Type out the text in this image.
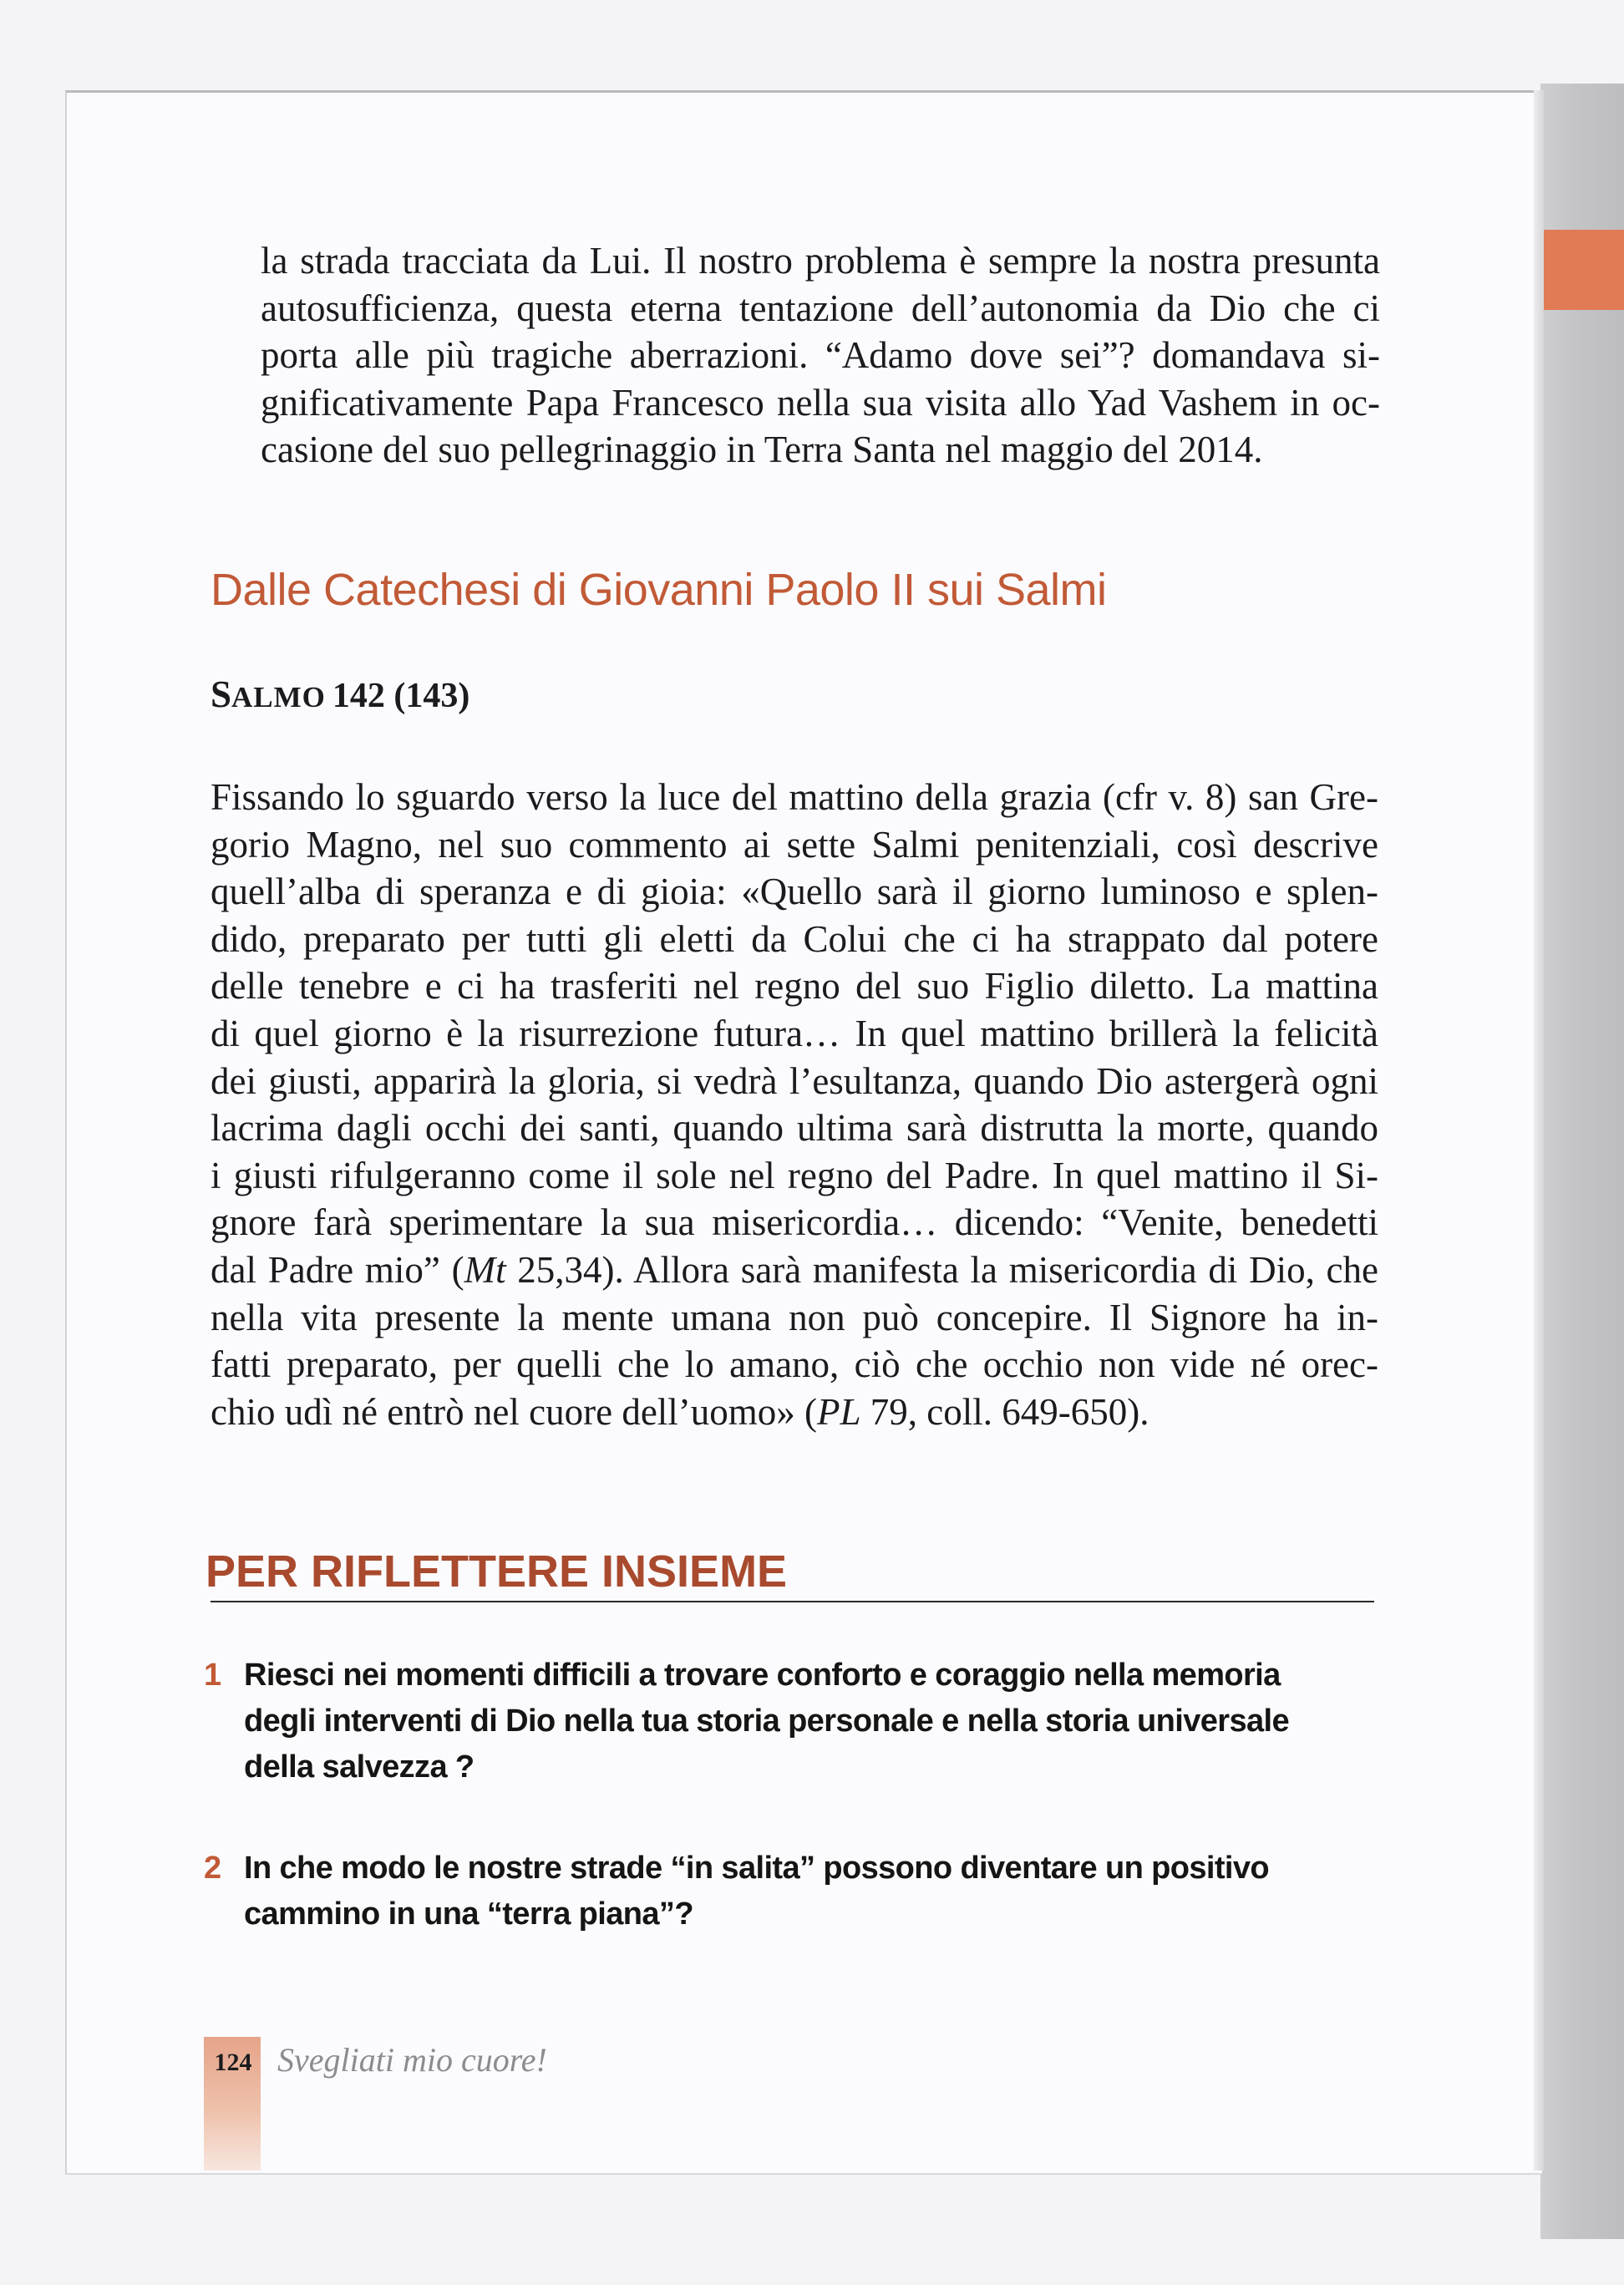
la strada tracciata da Lui. Il nostro problema è sempre la nostra presunta
autosufficienza, questa eterna tentazione dell’autonomia da Dio che ci
porta alle più tragiche aberrazioni. “Adamo dove sei”? domandava si-
gnificativamente Papa Francesco nella sua visita allo Yad Vashem in oc-
casione del suo pellegrinaggio in Terra Santa nel maggio del 2014.
Dalle Catechesi di Giovanni Paolo II sui Salmi
SALMO 142 (143)
Fissando lo sguardo verso la luce del mattino della grazia (cfr v. 8) san Gre-
gorio Magno, nel suo commento ai sette Salmi penitenziali, così descrive
quell’alba di speranza e di gioia: «Quello sarà il giorno luminoso e splen-
dido, preparato per tutti gli eletti da Colui che ci ha strappato dal potere
delle tenebre e ci ha trasferiti nel regno del suo Figlio diletto. La mattina
di quel giorno è la risurrezione futura… In quel mattino brillerà la felicità
dei giusti, apparirà la gloria, si vedrà l’esultanza, quando Dio astergerà ogni
lacrima dagli occhi dei santi, quando ultima sarà distrutta la morte, quando
i giusti rifulgeranno come il sole nel regno del Padre. In quel mattino il Si-
gnore farà sperimentare la sua misericordia… dicendo: “Venite, benedetti
dal Padre mio” (Mt 25,34). Allora sarà manifesta la misericordia di Dio, che
nella vita presente la mente umana non può concepire. Il Signore ha in-
fatti preparato, per quelli che lo amano, ciò che occhio non vide né orec-
chio udì né entrò nel cuore dell’uomo» (PL 79, coll. 649-650).
PER RIFLETTERE INSIEME
1 Riesci nei momenti difficili a trovare conforto e coraggio nella memoria
degli interventi di Dio nella tua storia personale e nella storia universale
della salvezza ?
2 In che modo le nostre strade “in salita” possono diventare un positivo
cammino in una “terra piana”?
124 Svegliati mio cuore!
